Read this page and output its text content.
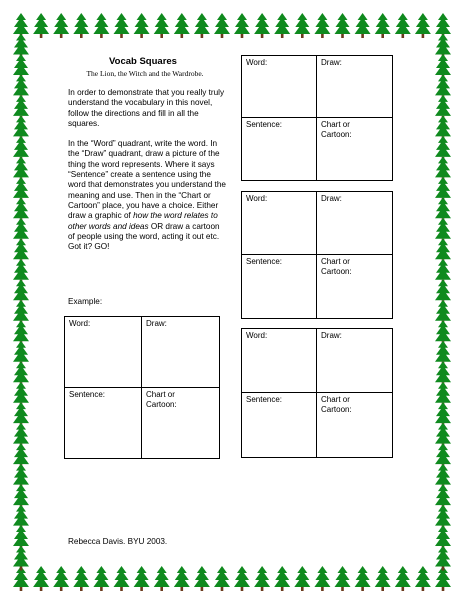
Vocab Squares
The Lion, the Witch and the Wardrobe.

In order to demonstrate that you really truly understand the vocabulary in this novel, follow the directions and fill in all the squares.

In the “Word” quadrant, write the word. In the “Draw” quadrant, draw a picture of the thing the word represents. Where it says “Sentence” create a sentence using the word that demonstrates you understand the meaning and use. Then in the “Chart or Cartoon” place, you have a choice. Either draw a graphic of how the word relates to other words and ideas OR draw a cartoon of people using the word, acting it out etc.

Got it? GO!

Example:
Word:	Draw:
Sentence:	Chart or
Cartoon:
Word:	Draw:
Sentence:	Chart or
Cartoon:
Word:	Draw:
Sentence:	Chart or
Cartoon:
Word:	Draw:
Sentence:	Chart or
Cartoon:
Rebecca Davis. BYU 2003.
